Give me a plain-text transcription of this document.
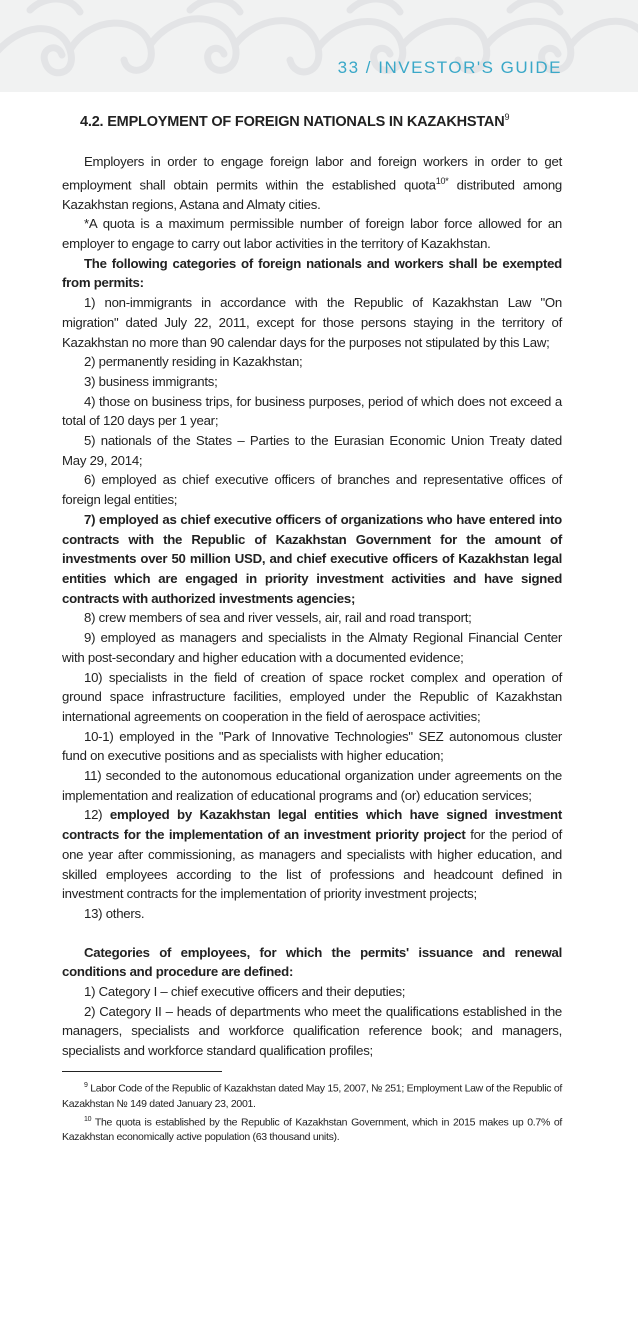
33 / INVESTOR'S GUIDE
4.2. EMPLOYMENT OF FOREIGN NATIONALS IN KAZAKHSTAN$^9$

Employers in order to engage foreign labor and foreign workers in order to get employment shall obtain permits within the established quota$^{10*}$ distributed among Kazakhstan regions, Astana and Almaty cities.

*A quota is a maximum permissible number of foreign labor force allowed for an employer to engage to carry out labor activities in the territory of Kazakhstan.

The following categories of foreign nationals and workers shall be exempted from permits:

1) non-immigrants in accordance with the Republic of Kazakhstan Law "On migration" dated July 22, 2011, except for those persons staying in the territory of Kazakhstan no more than 90 calendar days for the purposes not stipulated by this Law;

2) permanently residing in Kazakhstan;

3) business immigrants;

4) those on business trips, for business purposes, period of which does not exceed a total of 120 days per 1 year;

5) nationals of the States – Parties to the Eurasian Economic Union Treaty dated May 29, 2014;

6) employed as chief executive officers of branches and representative offices of foreign legal entities;

7) employed as chief executive officers of organizations who have entered into contracts with the Republic of Kazakhstan Government for the amount of investments over 50 million USD, and chief executive officers of Kazakhstan legal entities which are engaged in priority investment activities and have signed contracts with authorized investments agencies;

8) crew members of sea and river vessels, air, rail and road transport;

9) employed as managers and specialists in the Almaty Regional Financial Center with post-secondary and higher education with a documented evidence;

10) specialists in the field of creation of space rocket complex and operation of ground space infrastructure facilities, employed under the Republic of Kazakhstan international agreements on cooperation in the field of aerospace activities;

10-1) employed in the "Park of Innovative Technologies" SEZ autonomous cluster fund on executive positions and as specialists with higher education;

11) seconded to the autonomous educational organization under agreements on the implementation and realization of educational programs and (or) education services;

12) employed by Kazakhstan legal entities which have signed investment contracts for the implementation of an investment priority project for the period of one year after commissioning, as managers and specialists with higher education, and skilled employees according to the list of professions and headcount defined in investment contracts for the implementation of priority investment projects;

13) others.

Categories of employees, for which the permits' issuance and renewal conditions and procedure are defined:

1) Category I – chief executive officers and their deputies;

2) Category II – heads of departments who meet the qualifications established in the managers, specialists and workforce qualification reference book; and managers, specialists and workforce standard qualification profiles;

$^9$ Labor Code of the Republic of Kazakhstan dated May 15, 2007, № 251; Employment Law of the Republic of Kazakhstan № 149 dated January 23, 2001.

$^{10}$ The quota is established by the Republic of Kazakhstan Government, which in 2015 makes up 0.7% of Kazakhstan economically active population (63 thousand units).
